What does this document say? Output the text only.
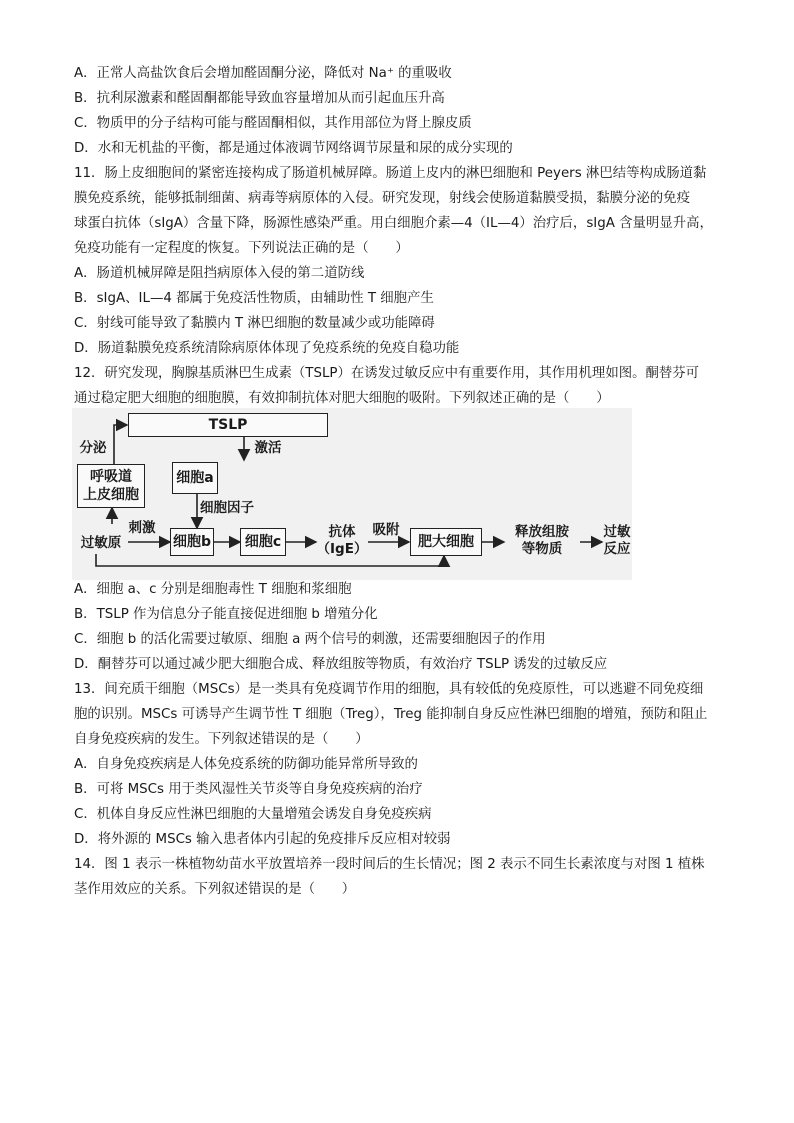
A．正常人高盐饮食后会增加醛固酮分泌，降低对 Na⁺ 的重吸收
B．抗利尿激素和醛固酮都能导致血容量增加从而引起血压升高
C．物质甲的分子结构可能与醛固酮相似，其作用部位为肾上腺皮质
D．水和无机盐的平衡，都是通过体液调节网络调节尿量和尿的成分实现的
11．肠上皮细胞间的紧密连接构成了肠道机械屏障。肠道上皮内的淋巴细胞和 Peyers 淋巴结等构成肠道黏
膜免疫系统，能够抵制细菌、病毒等病原体的入侵。研究发现，射线会使肠道黏膜受损，黏膜分泌的免疫
球蛋白抗体（sIgA）含量下降，肠源性感染严重。用白细胞介素—4（IL—4）治疗后，sIgA 含量明显升高，
免疫功能有一定程度的恢复。下列说法正确的是（　　）
A．肠道机械屏障是阻挡病原体入侵的第二道防线
B．sIgA、IL—4 都属于免疫活性物质，由辅助性 T 细胞产生
C．射线可能导致了黏膜内 T 淋巴细胞的数量减少或功能障碍
D．肠道黏膜免疫系统清除病原体体现了免疫系统的免疫自稳功能
12．研究发现，胸腺基质淋巴生成素（TSLP）在诱发过敏反应中有重要作用，其作用机理如图。酮替芬可
通过稳定肥大细胞的细胞膜，有效抑制抗体对肥大细胞的吸附。下列叙述正确的是（　　）
TSLP
分泌	激活
呼吸道
上皮细胞
细胞a
细胞因子
刺激
过敏原	细胞b	细胞c
抗体
（IgE）
吸附
肥大细胞
释放组胺
等物质
过敏
反应
A．细胞 a、c 分别是细胞毒性 T 细胞和浆细胞
B．TSLP 作为信息分子能直接促进细胞 b 增殖分化
C．细胞 b 的活化需要过敏原、细胞 a 两个信号的刺激，还需要细胞因子的作用
D．酮替芬可以通过减少肥大细胞合成、释放组胺等物质，有效治疗 TSLP 诱发的过敏反应
13．间充质干细胞（MSCs）是一类具有免疫调节作用的细胞，具有较低的免疫原性，可以逃避不同免疫细
胞的识别。MSCs 可诱导产生调节性 T 细胞（Treg），Treg 能抑制自身反应性淋巴细胞的增殖，预防和阻止
自身免疫疾病的发生。下列叙述错误的是（　　）
A．自身免疫疾病是人体免疫系统的防御功能异常所导致的
B．可将 MSCs 用于类风湿性关节炎等自身免疫疾病的治疗
C．机体自身反应性淋巴细胞的大量增殖会诱发自身免疫疾病
D．将外源的 MSCs 输入患者体内引起的免疫排斥反应相对较弱
14．图 1 表示一株植物幼苗水平放置培养一段时间后的生长情况；图 2 表示不同生长素浓度与对图 1 植株
茎作用效应的关系。下列叙述错误的是（　　）
